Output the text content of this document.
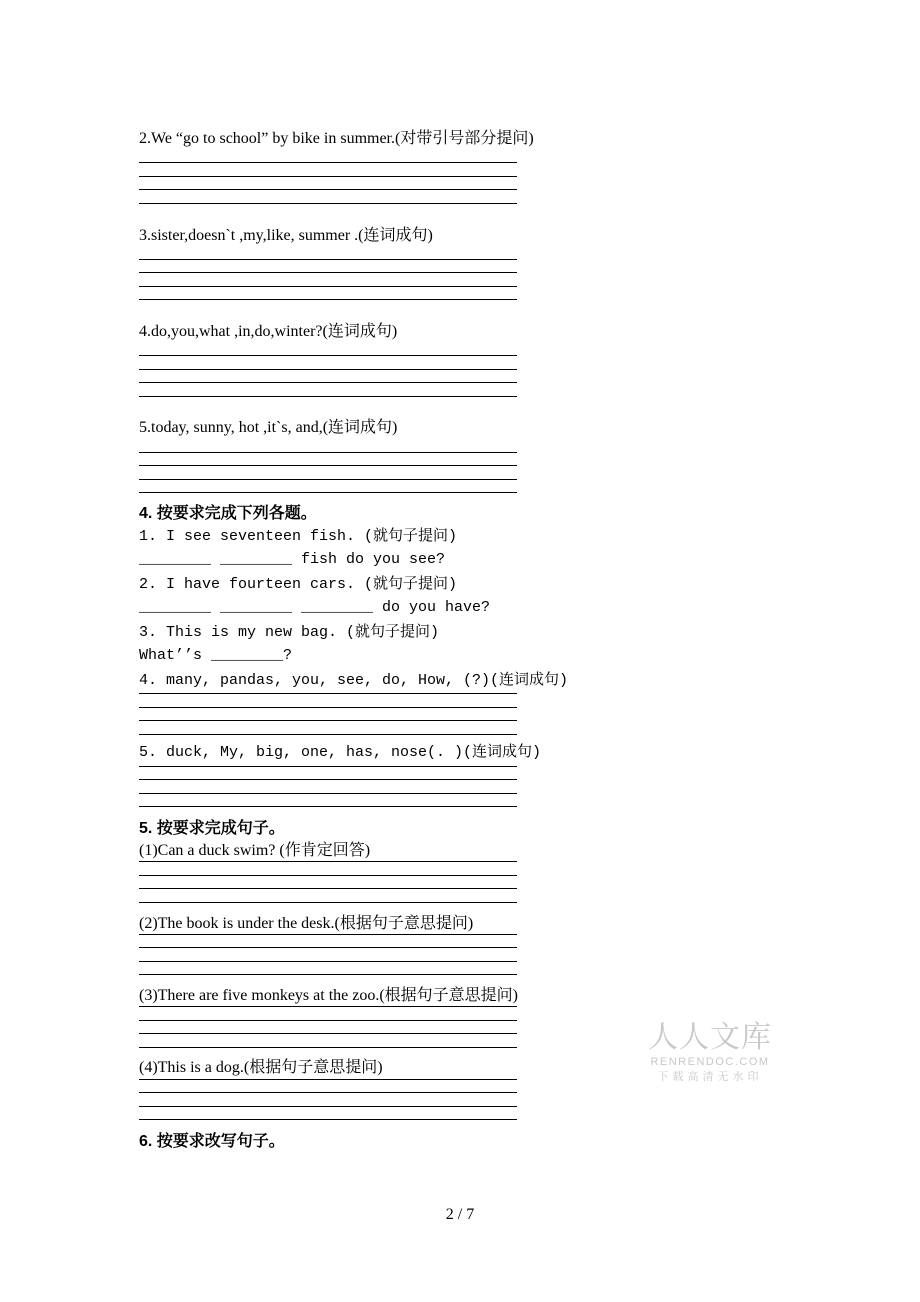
2.We “go to school” by bike in summer.(对带引号部分提问)
3.sister,doesn`t ,my,like, summer .(连词成句)
4.do,you,what ,in,do,winter?(连词成句)
5.today, sunny, hot ,it`s, and,(连词成句)
4. 按要求完成下列各题。
1. I see seventeen fish. (就句子提问)
________ ________ fish do you see?
2. I have fourteen cars. (就句子提问)
________ ________ ________ do you have?
3. This is my new bag. (就句子提问)
What’’s ________?
4. many, pandas, you, see, do, How, (?)(连词成句)
5. duck, My, big, one, has, nose(. )(连词成句)
5. 按要求完成句子。
(1)Can a duck swim? (作肯定回答)
(2)The book is under the desk.(根据句子意思提问)
(3)There are five monkeys at the zoo.(根据句子意思提问)
(4)This is a dog.(根据句子意思提问)
6. 按要求改写句子。
人人文库
RENRENDOC.COM
下载高清无水印
2 / 7
